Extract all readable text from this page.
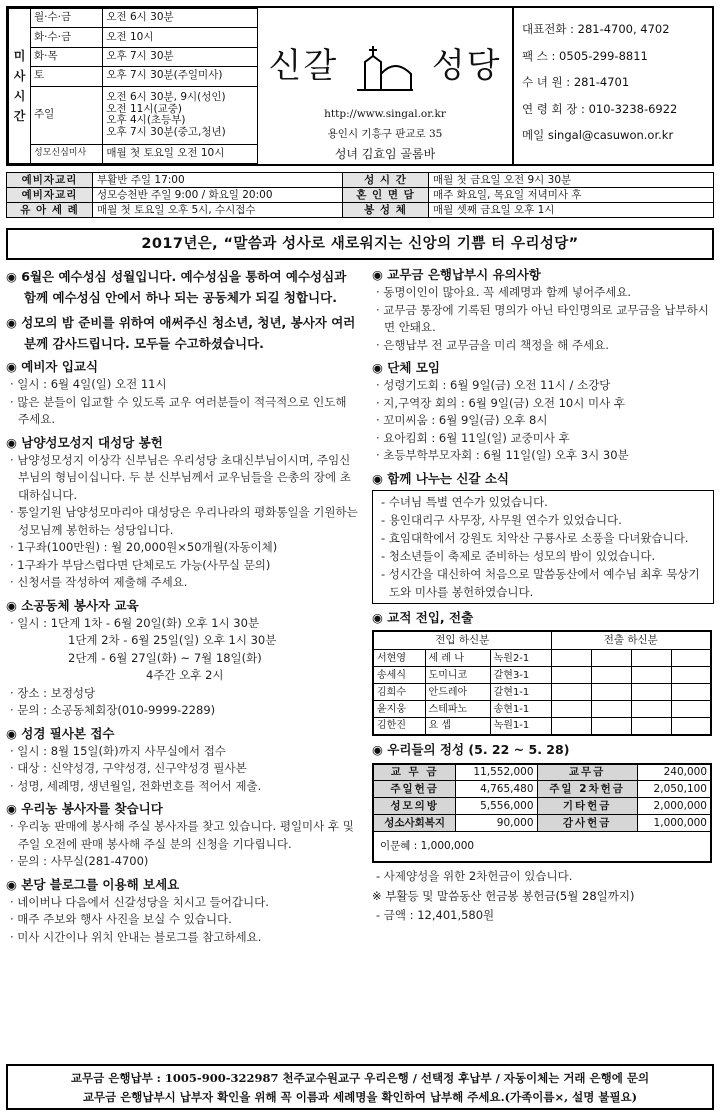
미
사
시
간	월·수·금	오전 6시 30분
	화·수·금	오전 10시
	화·목	오후 7시 30분
	토	오후 7시 30분(주일미사)
	주일	오전 6시 30분, 9시(성인)
오전 11시(교중)
오후 4시(초등부)
오후 7시 30분(중고,청년)

	성모신심미사	매월 첫 토요일 오전 10시
신갈	성당
http://www.singal.or.kr
용인시 기흥구 판교로 35
성녀 김효임 골롬바
대표전화 : 281-4700, 4702
팩 스 : 0505-299-8811
수 녀 원 : 281-4701
연 령 회 장 : 010-3238-6922
메일 singal@casuwon.or.kr
예비자교리	부활반 주일 17:00	성 시 간	매월 첫 금요일 오전 9시 30분
예비자교리	성모승천반 주일 9:00 / 화요일 20:00	혼 인 면 담	매주 화요일, 목요일 저녁미사 후
유 아 세 례	매월 첫 토요일 오후 5시, 수시접수	봉 성 체	매월 셋째 금요일 오후 1시
2017년은, “말씀과 성사로 새로워지는 신앙의 기쁨 터 우리성당”
◉ 6월은 예수성심 성월입니다. 예수성심을 통하여 예수성심과 함께 예수성심 안에서 하나 되는 공동체가 되길 청합니다.
◉ 성모의 밤 준비를 위하여 애써주신 청소년, 청년, 봉사자 여러분께 감사드립니다. 모두들 수고하셨습니다.
◉ 예비자 입교식
· 일시 : 6월 4일(일) 오전 11시
· 많은 분들이 입교할 수 있도록 교우 여러분들이 적극적으로 인도해 주세요.
◉ 남양성모성지 대성당 봉헌
· 남양성모성지 이상각 신부님은 우리성당 초대신부님이시며, 주임신부님의 형님이십니다. 두 분 신부님께서 교우님들을 은총의 장에 초대하십니다.
· 통일기원 남양성모마리아 대성당은 우리나라의 평화통일을 기원하는 성모님께 봉헌하는 성당입니다.
· 1구좌(100만원) : 월 20,000원×50개월(자동이체)
· 1구좌가 부담스럽다면 단체로도 가능(사무실 문의)
· 신청서를 작성하여 제출해 주세요.
◉ 소공동체 봉사자 교육
· 일시 : 1단계 1차 - 6월 20일(화) 오후 1시 30분
1단계 2차 - 6월 25일(일) 오후 1시 30분
2단계 - 6월 27일(화) ~ 7월 18일(화)
4주간 오후 2시
· 장소 : 보정성당
· 문의 : 소공동체회장(010-9999-2289)
◉ 성경 필사본 접수
· 일시 : 8월 15일(화)까지 사무실에서 접수
· 대상 : 신약성경, 구약성경, 신구약성경 필사본
· 성명, 세례명, 생년월일, 전화번호를 적어서 제출.
◉ 우리농 봉사자를 찾습니다
· 우리농 판매에 봉사해 주실 봉사자를 찾고 있습니다. 평일미사 후 및 주일 오전에 판매 봉사해 주실 분의 신청을 기다립니다.
· 문의 : 사무실(281-4700)
◉ 본당 블로그를 이용해 보세요
· 네이버나 다음에서 신갈성당을 치시고 들어갑니다.
· 매주 주보와 행사 사진을 보실 수 있습니다.
· 미사 시간이나 위치 안내는 블로그를 참고하세요.
◉ 교무금 은행납부시 유의사항
· 동명이인이 많아요. 꼭 세례명과 함께 넣어주세요.
· 교무금 통장에 기록된 명의가 아닌 타인명의로 교무금을 납부하시면 안돼요.
· 은행납부 전 교무금을 미리 책정을 해 주세요.
◉ 단체 모임
· 성령기도회 : 6월 9일(금) 오전 11시 / 소강당
· 지,구역장 회의 : 6월 9일(금) 오전 10시 미사 후
· 꼬미씨움 : 6월 9일(금) 오후 8시
· 요아킴회 : 6월 11일(일) 교중미사 후
· 초등부학부모자회 : 6월 11일(일) 오후 3시 30분
◉ 함께 나누는 신갈 소식
- 수녀님 특별 연수가 있었습니다.
- 용인대리구 사무장, 사무원 연수가 있었습니다.
- 효임대학에서 강원도 치악산 구룡사로 소풍을 다녀왔습니다.
- 청소년들이 축제로 준비하는 성모의 밤이 있었습니다.
- 성시간을 대신하여 처음으로 말씀동산에서 예수님 최후 묵상기도와 미사를 봉헌하였습니다.
◉ 교적 전입, 전출
전입 하신분			전출 하신분			
서현영	세 레 나	녹원2-1				
송세식	도미니코	갈현3-1				
김희수	안드레아	갈현1-1				
윤지웅	스테파노	송현1-1				
김한진	요 셉	녹원1-1				
◉ 우리들의 정성 (5. 22 ~ 5. 28)
교 무 금	11,552,000	교무금	240,000
주일헌금	4,765,480	주일 2차헌금	2,050,100
성모의방	5,556,000	기타헌금	2,000,000
성소사회복지	90,000	감사헌금	1,000,000
이문혜 : 1,000,000			
- 사제양성을 위한 2차헌금이 있습니다.
※ 부활등 및 말씀동산 헌금봉 봉헌금(5월 28일까지)
- 금액 : 12,401,580원
교무금 은행납부 : 1005-900-322987 천주교수원교구 우리은행 / 선택정 후납부 / 자동이체는 거래 은행에 문의
교무금 은행납부시 납부자 확인을 위해 꼭 이름과 세례명을 확인하여 납부해 주세요.(가족이름×, 설명 불필요)
